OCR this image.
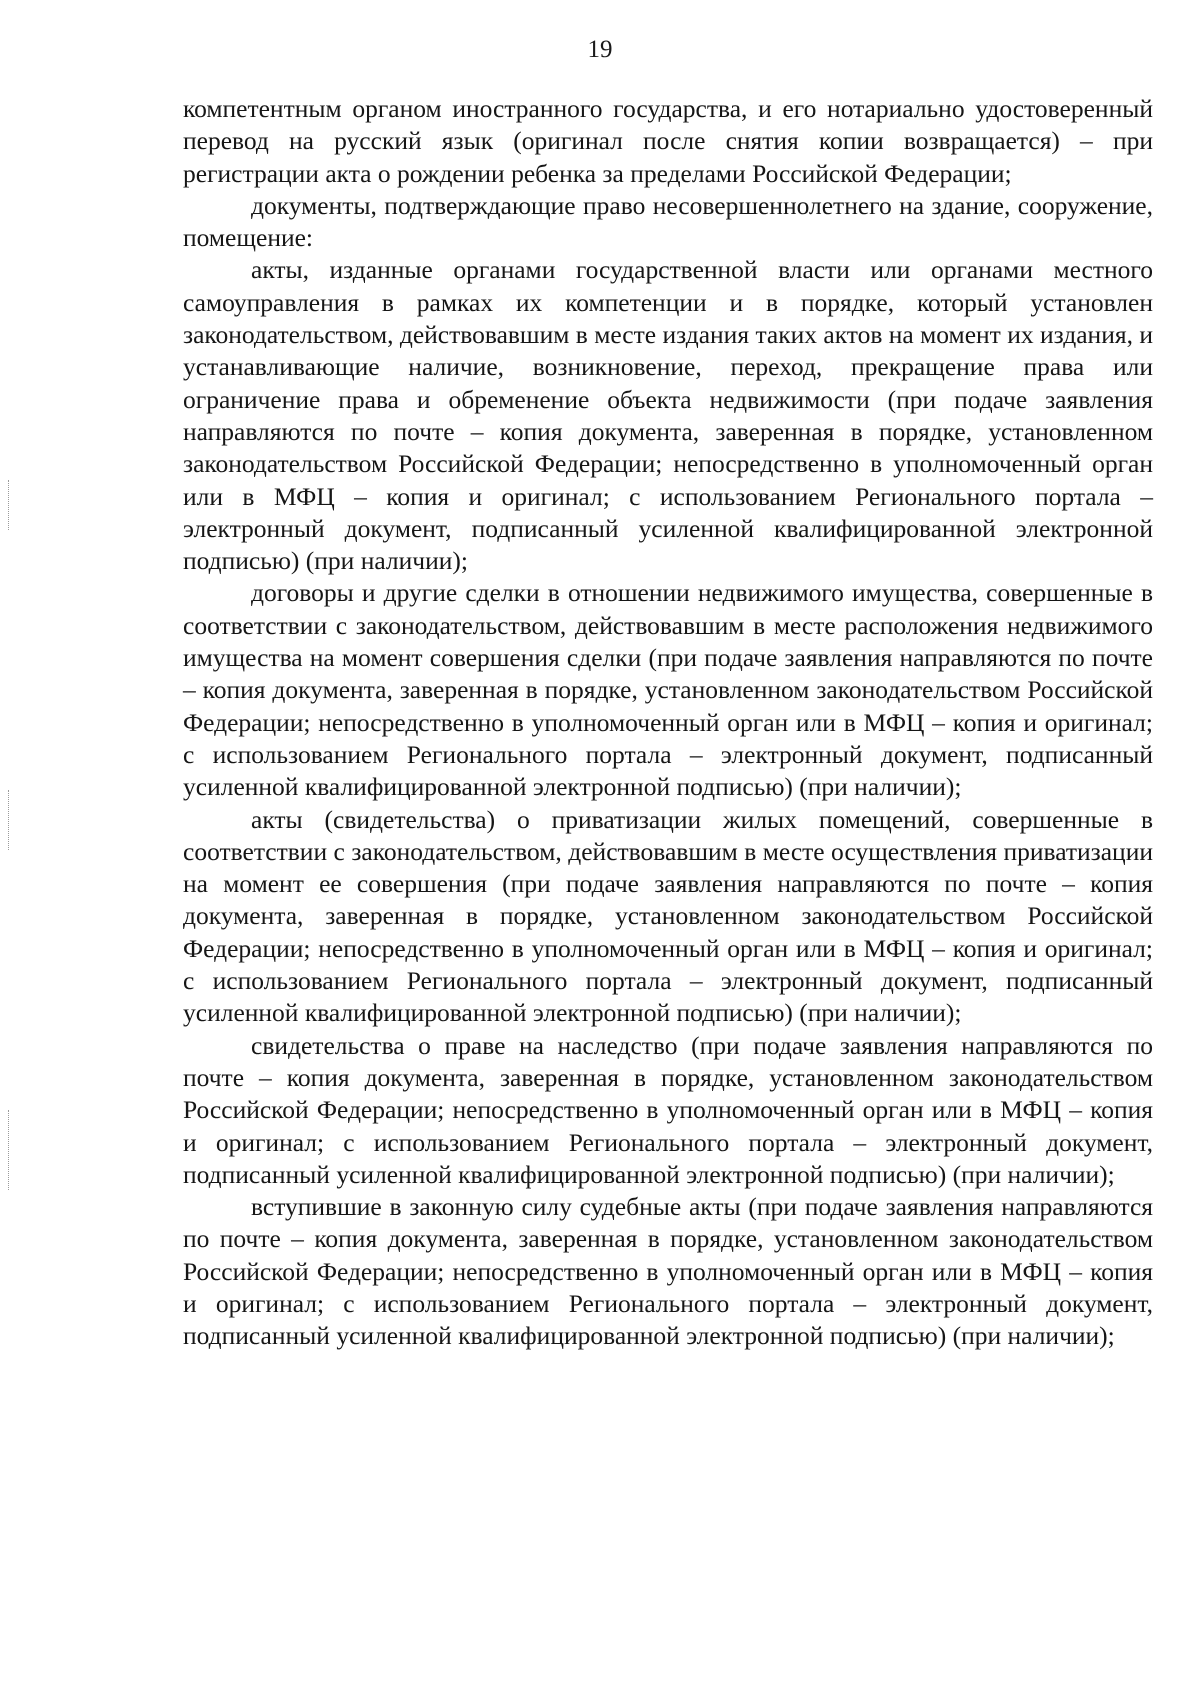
19

компетентным органом иностранного государства, и его нотариально удостоверенный перевод на русский язык (оригинал после снятия копии возвращается) – при регистрации акта о рождении ребенка за пределами Российской Федерации;

документы, подтверждающие право несовершеннолетнего на здание, сооружение, помещение:

акты, изданные органами государственной власти или органами местного самоуправления в рамках их компетенции и в порядке, который установлен законодательством, действовавшим в месте издания таких актов на момент их издания, и устанавливающие наличие, возникновение, переход, прекращение права или ограничение права и обременение объекта недвижимости (при подаче заявления направляются по почте – копия документа, заверенная в порядке, установленном законодательством Российской Федерации; непосредственно в уполномоченный орган или в МФЦ – копия и оригинал; с использованием Регионального портала – электронный документ, подписанный усиленной квалифицированной электронной подписью) (при наличии);

договоры и другие сделки в отношении недвижимого имущества, совершенные в соответствии с законодательством, действовавшим в месте расположения недвижимого имущества на момент совершения сделки (при подаче заявления направляются по почте – копия документа, заверенная в порядке, установленном законодательством Российской Федерации; непосредственно в уполномоченный орган или в МФЦ – копия и оригинал; с использованием Регионального портала – электронный документ, подписанный усиленной квалифицированной электронной подписью) (при наличии);

акты (свидетельства) о приватизации жилых помещений, совершенные в соответствии с законодательством, действовавшим в месте осуществления приватизации на момент ее совершения (при подаче заявления направляются по почте – копия документа, заверенная в порядке, установленном законодательством Российской Федерации; непосредственно в уполномоченный орган или в МФЦ – копия и оригинал; с использованием Регионального портала – электронный документ, подписанный усиленной квалифицированной электронной подписью) (при наличии);

свидетельства о праве на наследство (при подаче заявления направляются по почте – копия документа, заверенная в порядке, установленном законодательством Российской Федерации; непосредственно в уполномоченный орган или в МФЦ – копия и оригинал; с использованием Регионального портала – электронный документ, подписанный усиленной квалифицированной электронной подписью) (при наличии);

вступившие в законную силу судебные акты (при подаче заявления направляются по почте – копия документа, заверенная в порядке, установленном законодательством Российской Федерации; непосредственно в уполномоченный орган или в МФЦ – копия и оригинал; с использованием Регионального портала – электронный документ, подписанный усиленной квалифицированной электронной подписью) (при наличии);
